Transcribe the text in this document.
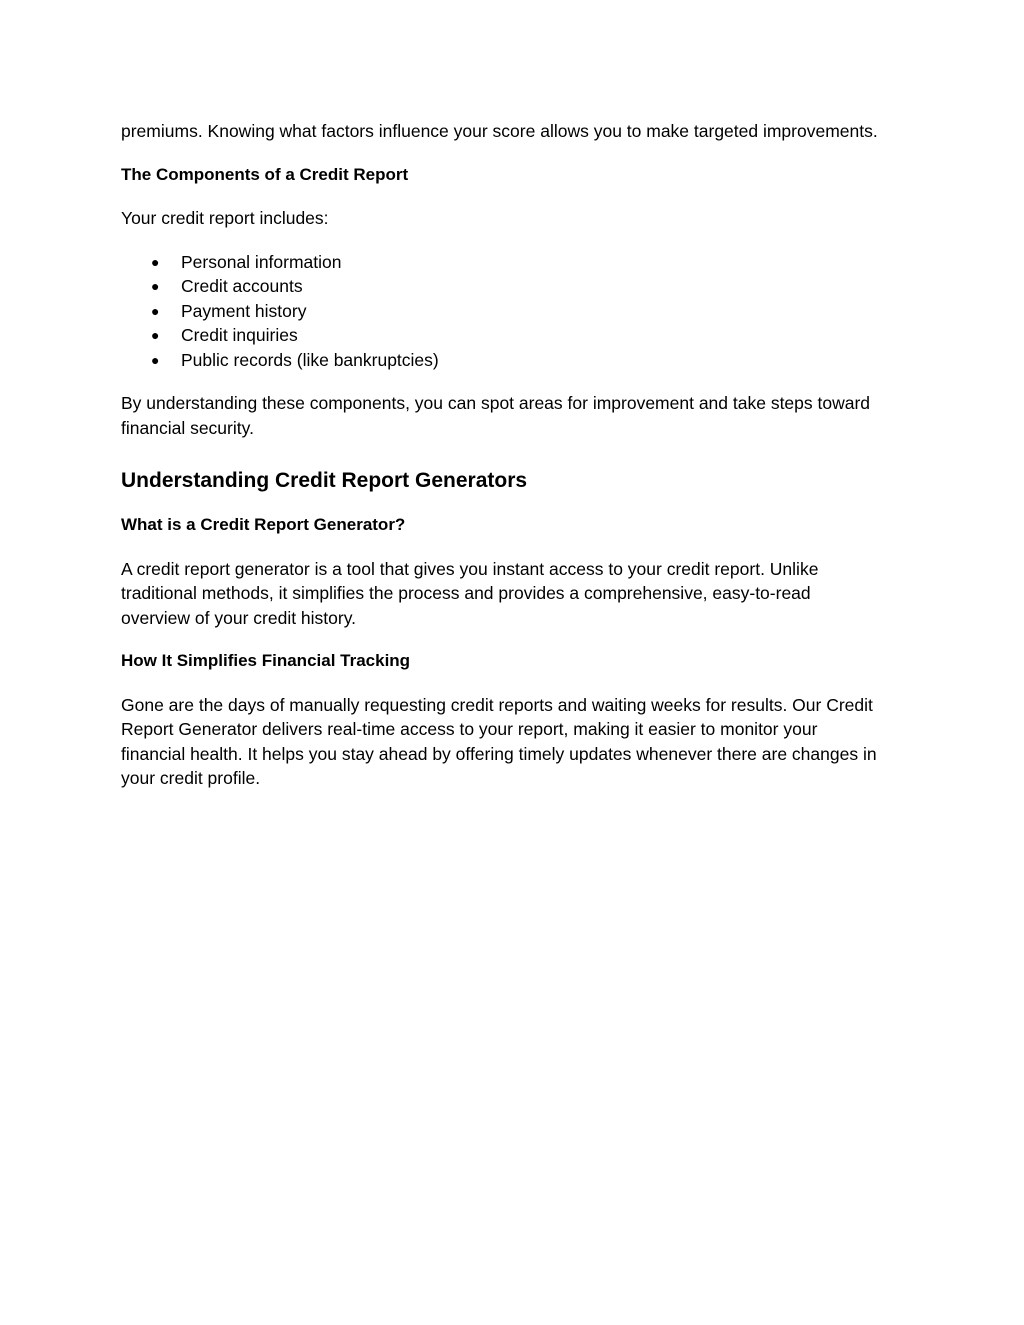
premiums. Knowing what factors influence your score allows you to make targeted improvements.

The Components of a Credit Report

Your credit report includes:

● Personal information
● Credit accounts
● Payment history
● Credit inquiries
● Public records (like bankruptcies)

By understanding these components, you can spot areas for improvement and take steps toward financial security.

Understanding Credit Report Generators
What is a Credit Report Generator?

A credit report generator is a tool that gives you instant access to your credit report. Unlike traditional methods, it simplifies the process and provides a comprehensive, easy-to-read overview of your credit history.

How It Simplifies Financial Tracking

Gone are the days of manually requesting credit reports and waiting weeks for results. Our Credit Report Generator delivers real-time access to your report, making it easier to monitor your financial health. It helps you stay ahead by offering timely updates whenever there are changes in your credit profile.
